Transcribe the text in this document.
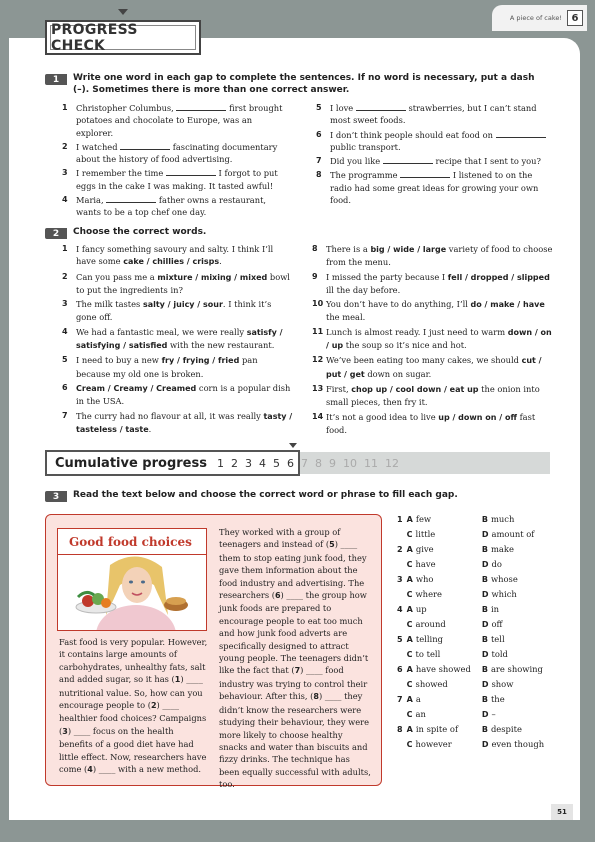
PROGRESS CHECK
A piece of cake! 6
1	Write one word in each gap to complete the sentences. If no word is necessary, put a dash (–). Sometimes there is more than one correct answer.
1	Christopher Columbus,	first brought potatoes and chocolate to Europe, was an explorer.
2	I watched	fascinating documentary about the history of food advertising.
3	I remember the time	I forgot to put eggs in the cake I was making. It tasted awful!
4	Maria,	father owns a restaurant, wants to be a top chef one day.
5	I love	strawberries, but I can’t stand most sweet foods.
6	I don’t think people should eat food on  public transport.
7	Did you like	recipe that I sent to you?
8	The programme	I listened to on the radio had some great ideas for growing your own food.
2	Choose the correct words.
1	I fancy something savoury and salty. I think I’ll have some cake / chillies / crisps.
2	Can you pass me a mixture / mixing / mixed bowl to put the ingredients in?
3	The milk tastes salty / juicy / sour. I think it’s gone off.
4	We had a fantastic meal, we were really satisfy / satisfying / satisfied with the new restaurant.
5	I need to buy a new fry / frying / fried pan because my old one is broken.
6	Cream / Creamy / Creamed corn is a popular dish in the USA.
7	The curry had no flavour at all, it was really tasty / tasteless / taste.
8	There is a big / wide / large variety of food to choose from the menu.
9	I missed the party because I fell / dropped / slipped ill the day before.
10 You don’t have to do anything, I’ll do / make / have the meal.
11 Lunch is almost ready. I just need to warm down / on / up the soup so it’s nice and hot.
12 We’ve been eating too many cakes, we should cut / put / get down on sugar.
13 First, chop up / cool down / eat up the onion into small pieces, then fry it.
14 It’s not a good idea to live up / down on / off fast food.
Cumulative progress 1 2 3 4 5 6 7 8 9 10 11 12
3	Read the text below and choose the correct word or phrase to fill each gap.
Good food choices
Fast food is very popular. However, it contains large amounts of carbohydrates, unhealthy fats, salt and added sugar, so it has (1) ____ nutritional value. So, how can you encourage people to (2) ____ healthier food choices? Campaigns (3) ____ focus on the health benefits of a good diet have had little effect. Now, researchers have come (4) ____ with a new method.
They worked with a group of teenagers and instead of (5) ____ them to stop eating junk food, they gave them information about the food industry and advertising. The researchers (6) ____ the group how junk foods are prepared to encourage people to eat too much and how junk food adverts are specifically designed to attract young people. The teenagers didn’t like the fact that (7) ____ food industry was trying to control their behaviour. After this, (8) ____ they didn’t know the researchers were studying their behaviour, they were more likely to choose healthy snacks and water than biscuits and fizzy drinks. The technique has been equally successful with adults, too.
1 A few	B much
C little	D amount of
2 A give	B make
C have	D do
3 A who	B whose
C where	D which
4 A up	B in
C around	D off
5 A telling	B tell
C to tell	D told
6 A have showed	B are showing
C showed	D show
7 A a	B the
C an	D –
8 A in spite of	B despite
C however	D even though
51
